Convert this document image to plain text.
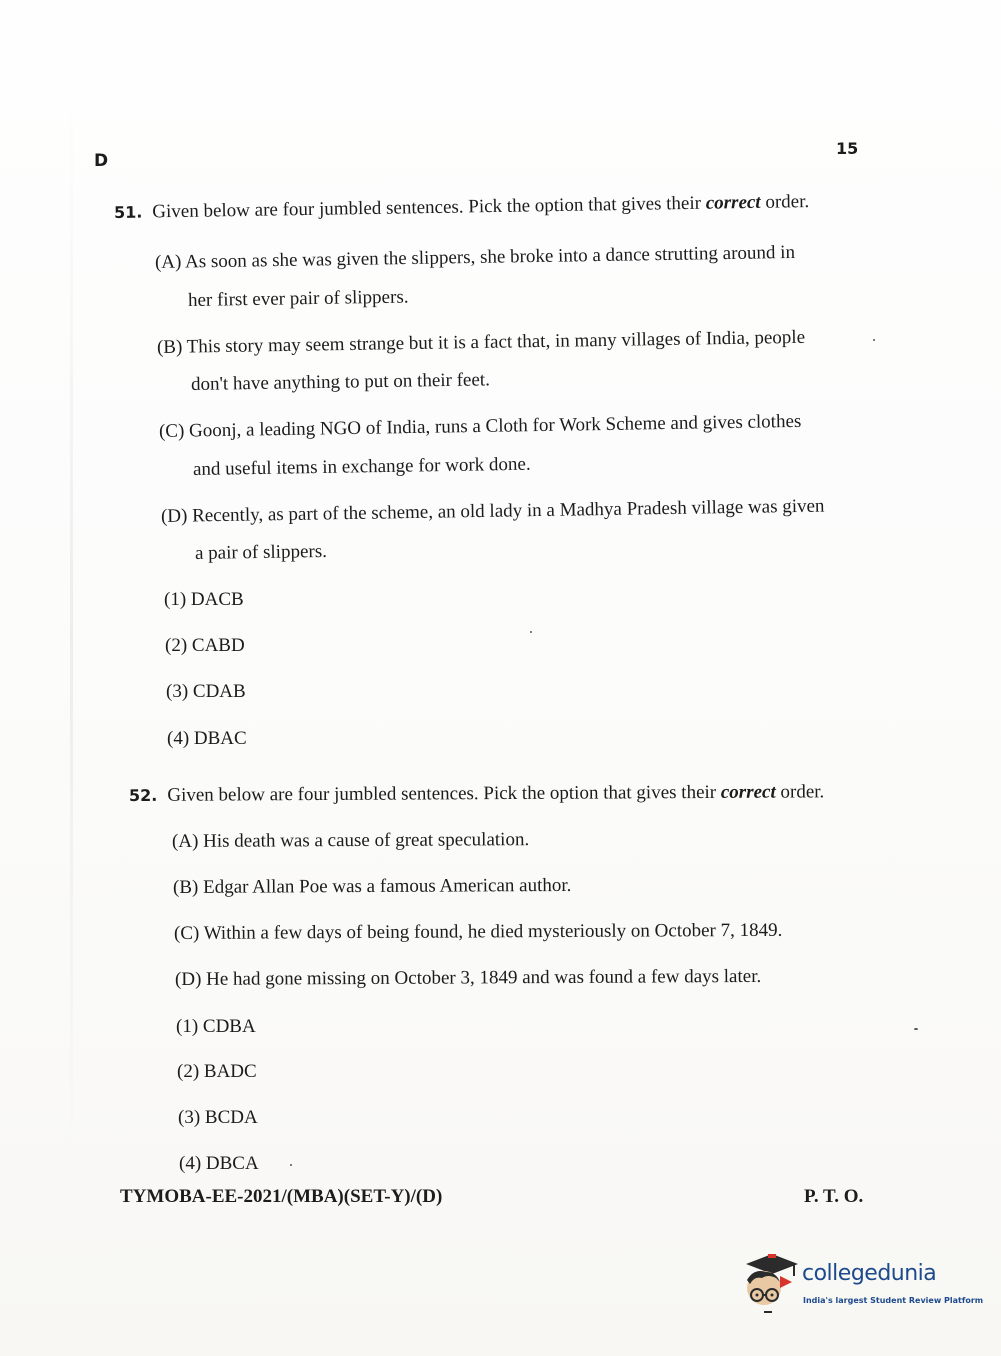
D
15
51. Given below are four jumbled sentences. Pick the option that gives their correct order.
(A) As soon as she was given the slippers, she broke into a dance strutting around in
her first ever pair of slippers.
(B) This story may seem strange but it is a fact that, in many villages of India, people
don't have anything to put on their feet.
(C) Goonj, a leading NGO of India, runs a Cloth for Work Scheme and gives clothes
and useful items in exchange for work done.
(D) Recently, as part of the scheme, an old lady in a Madhya Pradesh village was given
a pair of slippers.
(1) DACB
(2) CABD
(3) CDAB
(4) DBAC
52. Given below are four jumbled sentences. Pick the option that gives their correct order.
(A) His death was a cause of great speculation.
(B) Edgar Allan Poe was a famous American author.
(C) Within a few days of being found, he died mysteriously on October 7, 1849.
(D) He had gone missing on October 3, 1849 and was found a few days later.
(1) CDBA
(2) BADC
(3) BCDA
(4) DBCA
TYMOBA-EE-2021/(MBA)(SET-Y)/(D)	P. T. O.
collegedunia
India's largest Student Review Platform
